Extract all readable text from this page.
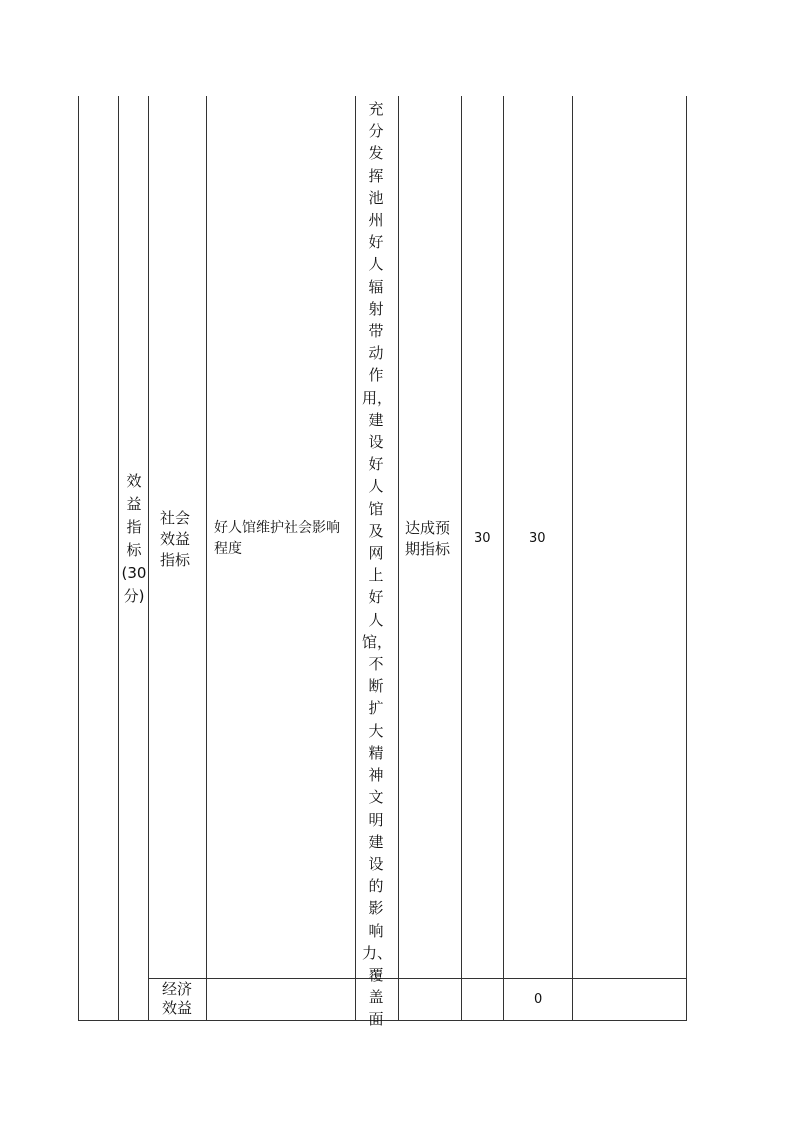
效益指标(30分)
社会效益指标
好人馆维护社会影响程度
充分发挥池州好人辐射带动作用，建设好人馆及网上好人馆，不断扩大精神文明建设的影响力、覆盖面
达成预期指标
30	30
经济效益	0
